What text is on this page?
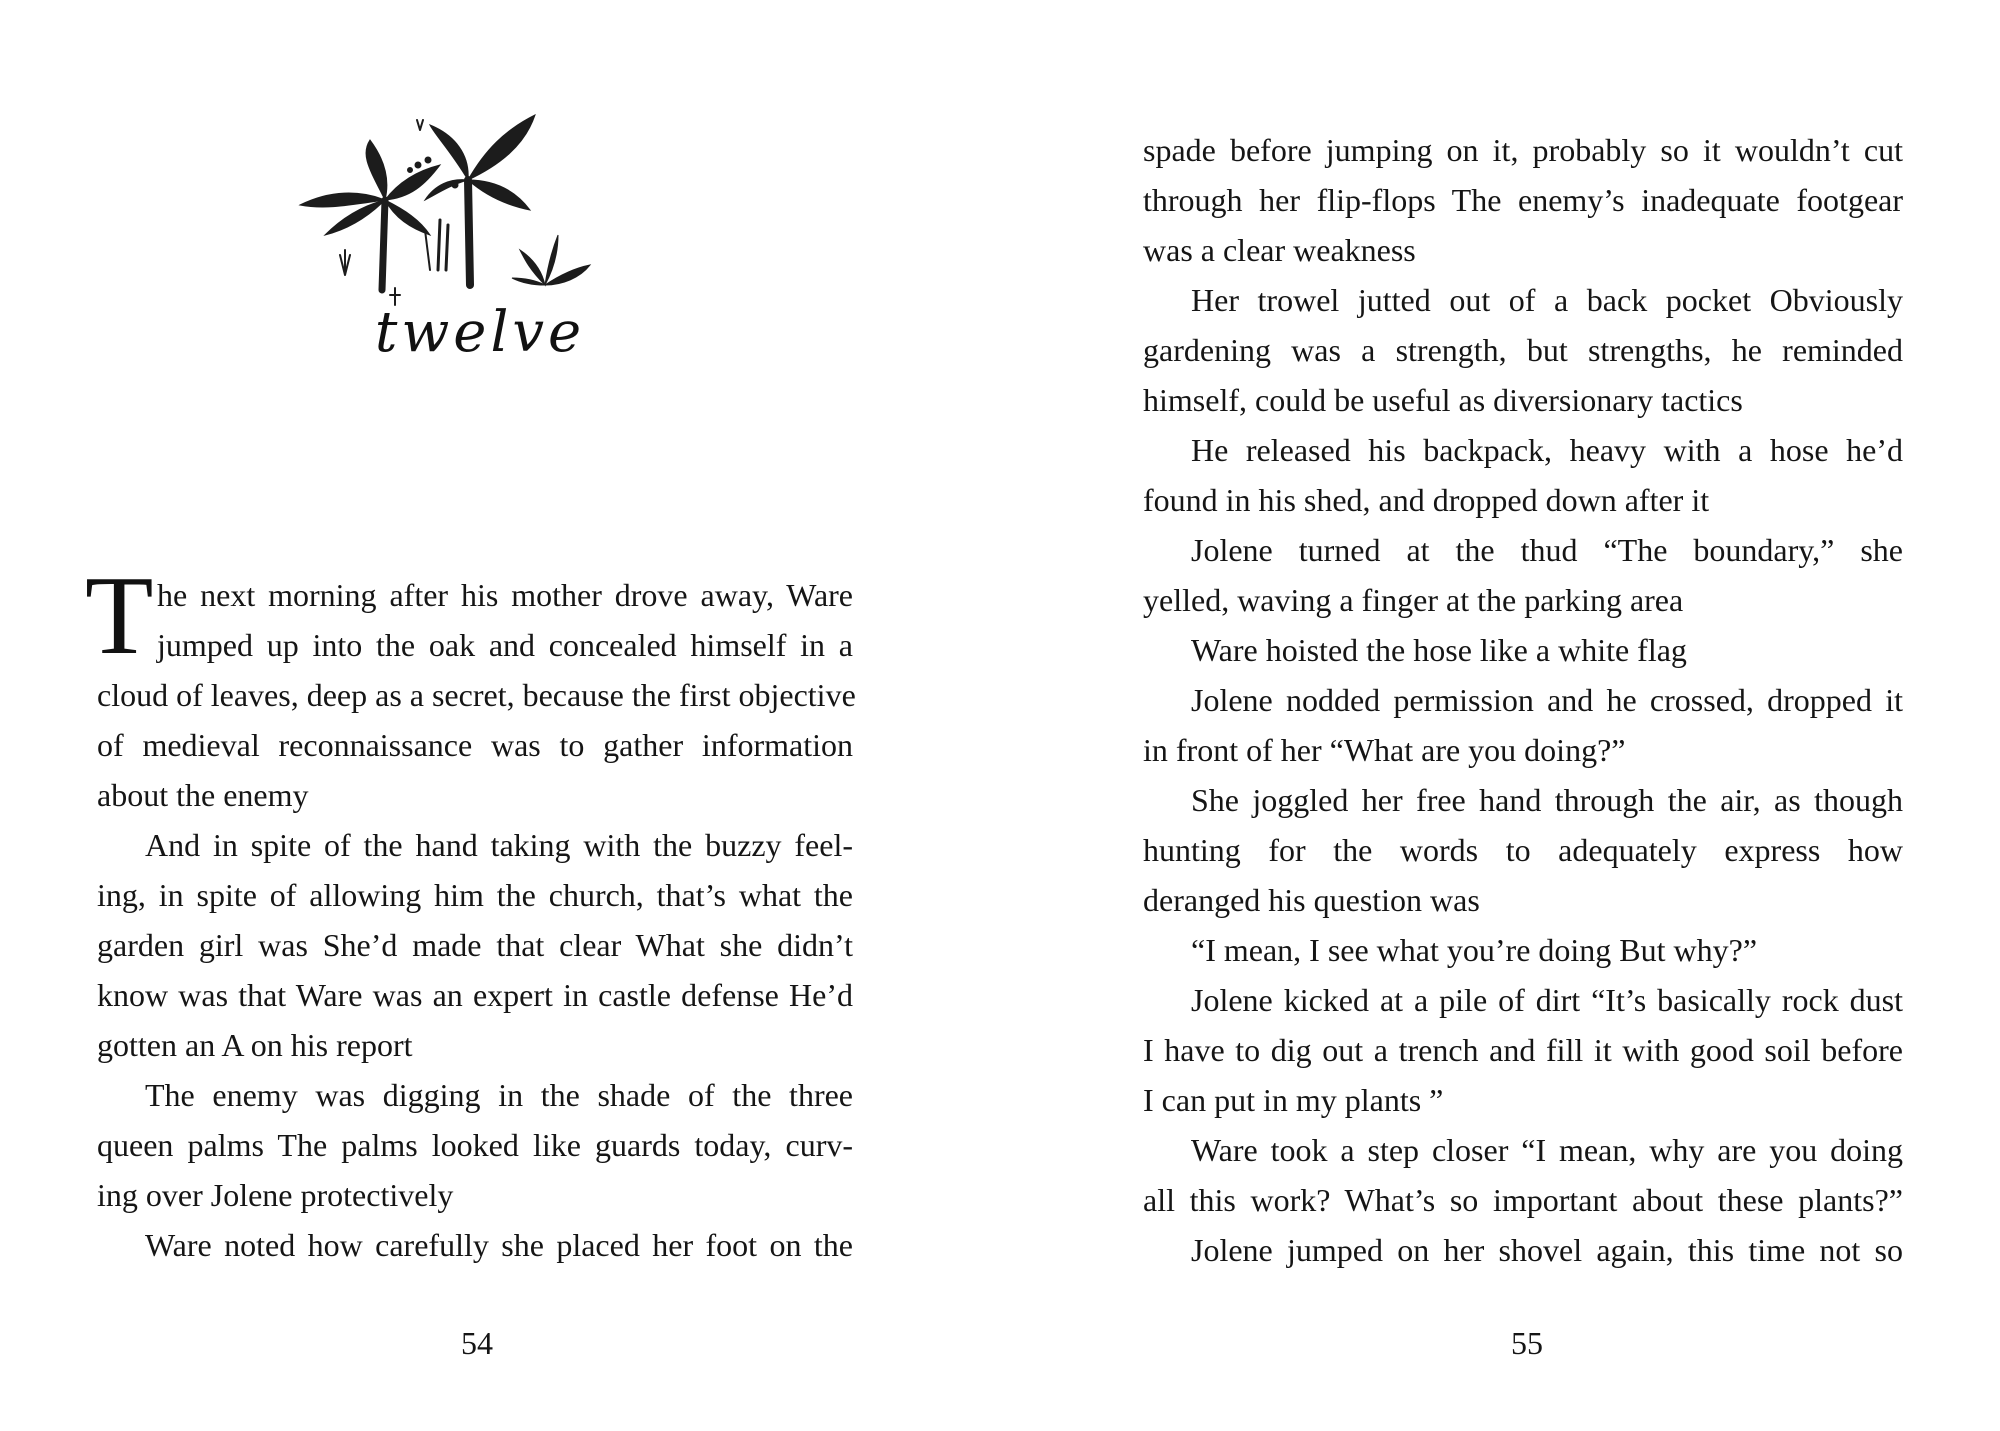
twelve
T he next morning after his mother drove away, Ware
jumped up into the oak and concealed himself in a
cloud of leaves, deep as a secret, because the first objective
of medieval reconnaissance was to gather information
about the enemy
And in spite of the hand taking with the buzzy feel-
ing, in spite of allowing him the church, that’s what the
garden girl was She’d made that clear What she didn’t
know was that Ware was an expert in castle defense He’d
gotten an A on his report
The enemy was digging in the shade of the three
queen palms The palms looked like guards today, curv-
ing over Jolene protectively
Ware noted how carefully she placed her foot on the
54
spade before jumping on it, probably so it wouldn’t cut
through her flip-flops The enemy’s inadequate footgear
was a clear weakness
Her trowel jutted out of a back pocket Obviously
gardening was a strength, but strengths, he reminded
himself, could be useful as diversionary tactics
He released his backpack, heavy with a hose he’d
found in his shed, and dropped down after it
Jolene turned at the thud “The boundary,” she
yelled, waving a finger at the parking area
Ware hoisted the hose like a white flag
Jolene nodded permission and he crossed, dropped it
in front of her “What are you doing?”
She joggled her free hand through the air, as though
hunting for the words to adequately express how
deranged his question was
“I mean, I see what you’re doing But why?”
Jolene kicked at a pile of dirt “It’s basically rock dust
I have to dig out a trench and fill it with good soil before
I can put in my plants ”
Ware took a step closer “I mean, why are you doing
all this work? What’s so important about these plants?”
Jolene jumped on her shovel again, this time not so
55
